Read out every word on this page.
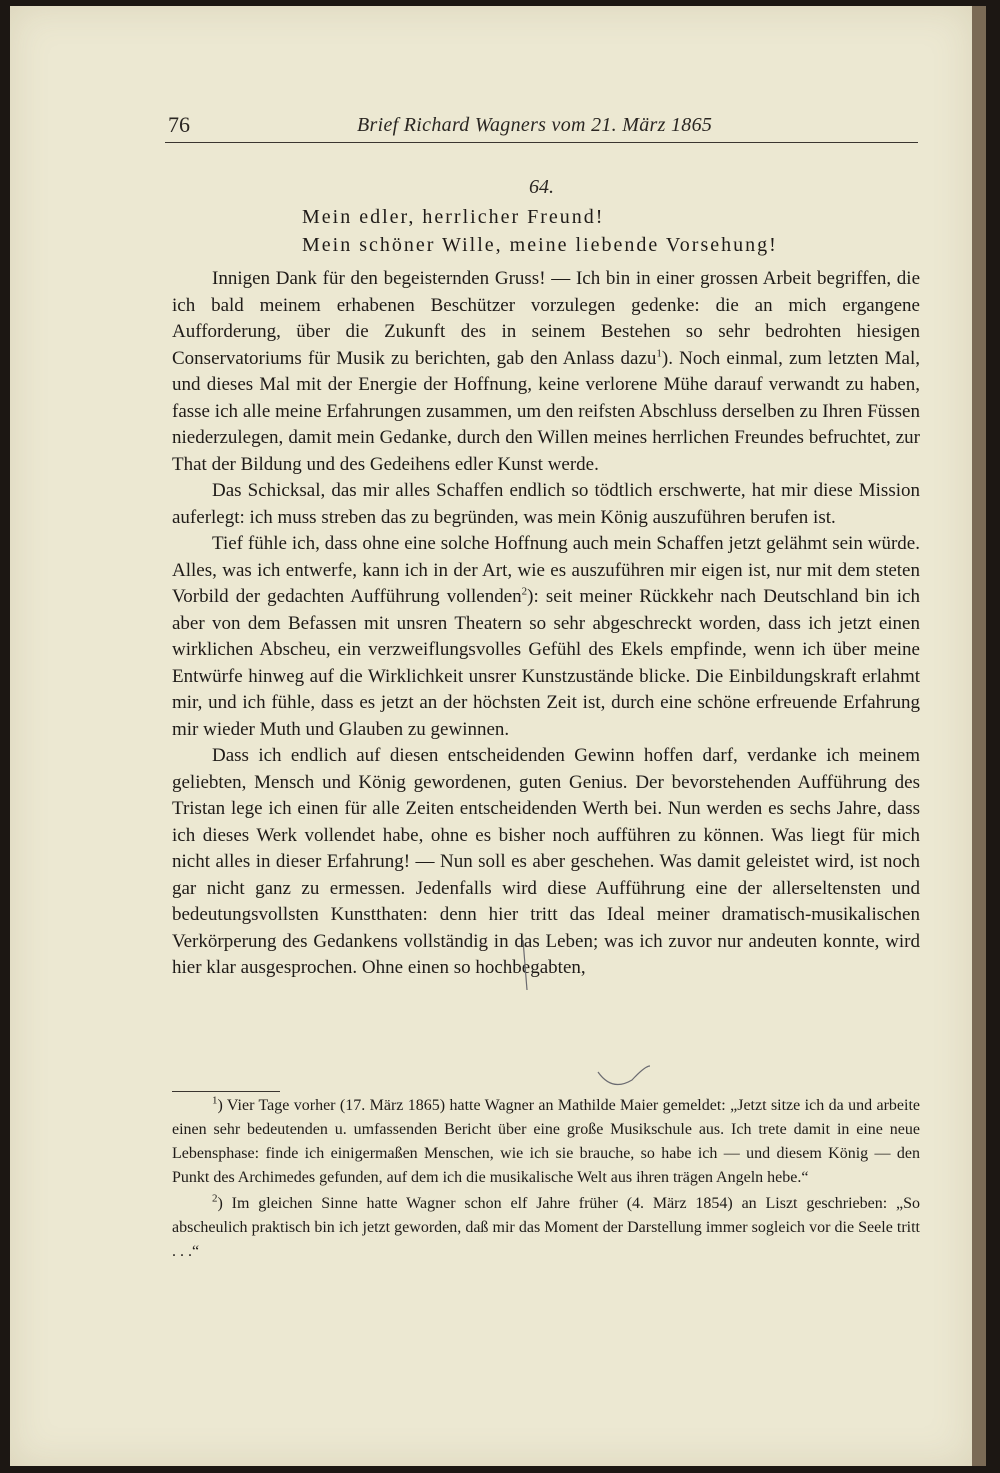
76	Brief Richard Wagners vom 21. März 1865
64.
Mein edler, herrlicher Freund!
Mein schöner Wille, meine liebende Vorsehung!

Innigen Dank für den begeisternden Gruss! — Ich bin in einer grossen Arbeit begriffen, die ich bald meinem erhabenen Beschützer vorzulegen gedenke: die an mich ergangene Aufforderung, über die Zukunft des in seinem Bestehen so sehr bedrohten hiesigen Conservatoriums für Musik zu berichten, gab den Anlass dazu$^1$). Noch einmal, zum letzten Mal, und dieses Mal mit der Energie der Hoffnung, keine verlorene Mühe darauf verwandt zu haben, fasse ich alle meine Erfahrungen zusammen, um den reifsten Abschluss derselben zu Ihren Füssen niederzulegen, damit mein Gedanke, durch den Willen meines herrlichen Freundes befruchtet, zur That der Bildung und des Gedeihens edler Kunst werde.

Das Schicksal, das mir alles Schaffen endlich so tödtlich erschwerte, hat mir diese Mission auferlegt: ich muss streben das zu begründen, was mein König auszuführen berufen ist.

Tief fühle ich, dass ohne eine solche Hoffnung auch mein Schaffen jetzt gelähmt sein würde. Alles, was ich entwerfe, kann ich in der Art, wie es auszuführen mir eigen ist, nur mit dem steten Vorbild der gedachten Aufführung vollenden$^2$): seit meiner Rückkehr nach Deutschland bin ich aber von dem Befassen mit unsren Theatern so sehr abgeschreckt worden, dass ich jetzt einen wirklichen Abscheu, ein verzweiflungsvolles Gefühl des Ekels empfinde, wenn ich über meine Entwürfe hinweg auf die Wirklichkeit unsrer Kunstzustände blicke. Die Einbildungskraft erlahmt mir, und ich fühle, dass es jetzt an der höchsten Zeit ist, durch eine schöne erfreuende Erfahrung mir wieder Muth und Glauben zu gewinnen.

Dass ich endlich auf diesen entscheidenden Gewinn hoffen darf, verdanke ich meinem geliebten, Mensch und König gewordenen, guten Genius. Der bevorstehenden Aufführung des Tristan lege ich einen für alle Zeiten entscheidenden Werth bei. Nun werden es sechs Jahre, dass ich dieses Werk vollendet habe, ohne es bisher noch aufführen zu können. Was liegt für mich nicht alles in dieser Erfahrung! — Nun soll es aber geschehen. Was damit geleistet wird, ist noch gar nicht ganz zu ermessen. Jedenfalls wird diese Aufführung eine der allerseltensten und bedeutungsvollsten Kunstthaten: denn hier tritt das Ideal meiner dramatisch-musikalischen Verkörperung des Gedankens vollständig in das Leben; was ich zuvor nur andeuten konnte, wird hier klar ausgesprochen. Ohne einen so hochbegabten,

$^1$) Vier Tage vorher (17. März 1865) hatte Wagner an Mathilde Maier gemeldet: „Jetzt sitze ich da und arbeite einen sehr bedeutenden u. umfassenden Bericht über eine große Musikschule aus. Ich trete damit in eine neue Lebensphase: finde ich einigermaßen Menschen, wie ich sie brauche, so habe ich — und diesem König — den Punkt des Archimedes gefunden, auf dem ich die musikalische Welt aus ihren trägen Angeln hebe.“

$^2$) Im gleichen Sinne hatte Wagner schon elf Jahre früher (4. März 1854) an Liszt geschrieben: „So abscheulich praktisch bin ich jetzt geworden, daß mir das Moment der Darstellung immer sogleich vor die Seele tritt . . .“
